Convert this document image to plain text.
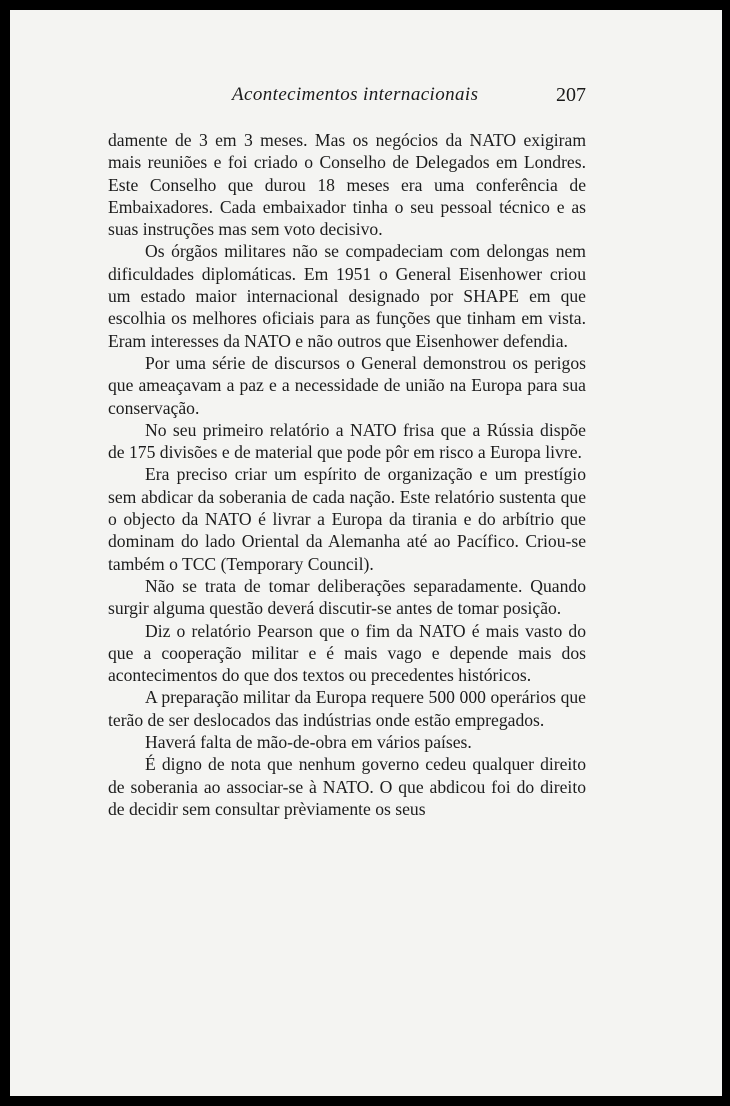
Acontecimentos internacionais	207

damente de 3 em 3 meses. Mas os negócios da NATO exigiram mais reuniões e foi criado o Conselho de Delegados em Londres. Este Conselho que durou 18 meses era uma conferência de Embaixadores. Cada embaixador tinha o seu pessoal técnico e as suas instruções mas sem voto decisivo.

Os órgãos militares não se compadeciam com delongas nem dificuldades diplomáticas. Em 1951 o General Eisenhower criou um estado maior internacional designado por SHAPE em que escolhia os melhores oficiais para as funções que tinham em vista. Eram interesses da NATO e não outros que Eisenhower defendia.

Por uma série de discursos o General demonstrou os perigos que ameaçavam a paz e a necessidade de união na Europa para sua conservação.

No seu primeiro relatório a NATO frisa que a Rússia dispõe de 175 divisões e de material que pode pôr em risco a Europa livre.

Era preciso criar um espírito de organização e um prestígio sem abdicar da soberania de cada nação. Este relatório sustenta que o objecto da NATO é livrar a Europa da tirania e do arbítrio que dominam do lado Oriental da Alemanha até ao Pacífico. Criou-se também o TCC (Temporary Council).

Não se trata de tomar deliberações separadamente. Quando surgir alguma questão deverá discutir-se antes de tomar posição.

Diz o relatório Pearson que o fim da NATO é mais vasto do que a cooperação militar e é mais vago e depende mais dos acontecimentos do que dos textos ou precedentes históricos.

A preparação militar da Europa requere 500 000 operários que terão de ser deslocados das indústrias onde estão empregados.

Haverá falta de mão-de-obra em vários países.

É digno de nota que nenhum governo cedeu qualquer direito de soberania ao associar-se à NATO. O que abdicou foi do direito de decidir sem consultar prèviamente os seus
